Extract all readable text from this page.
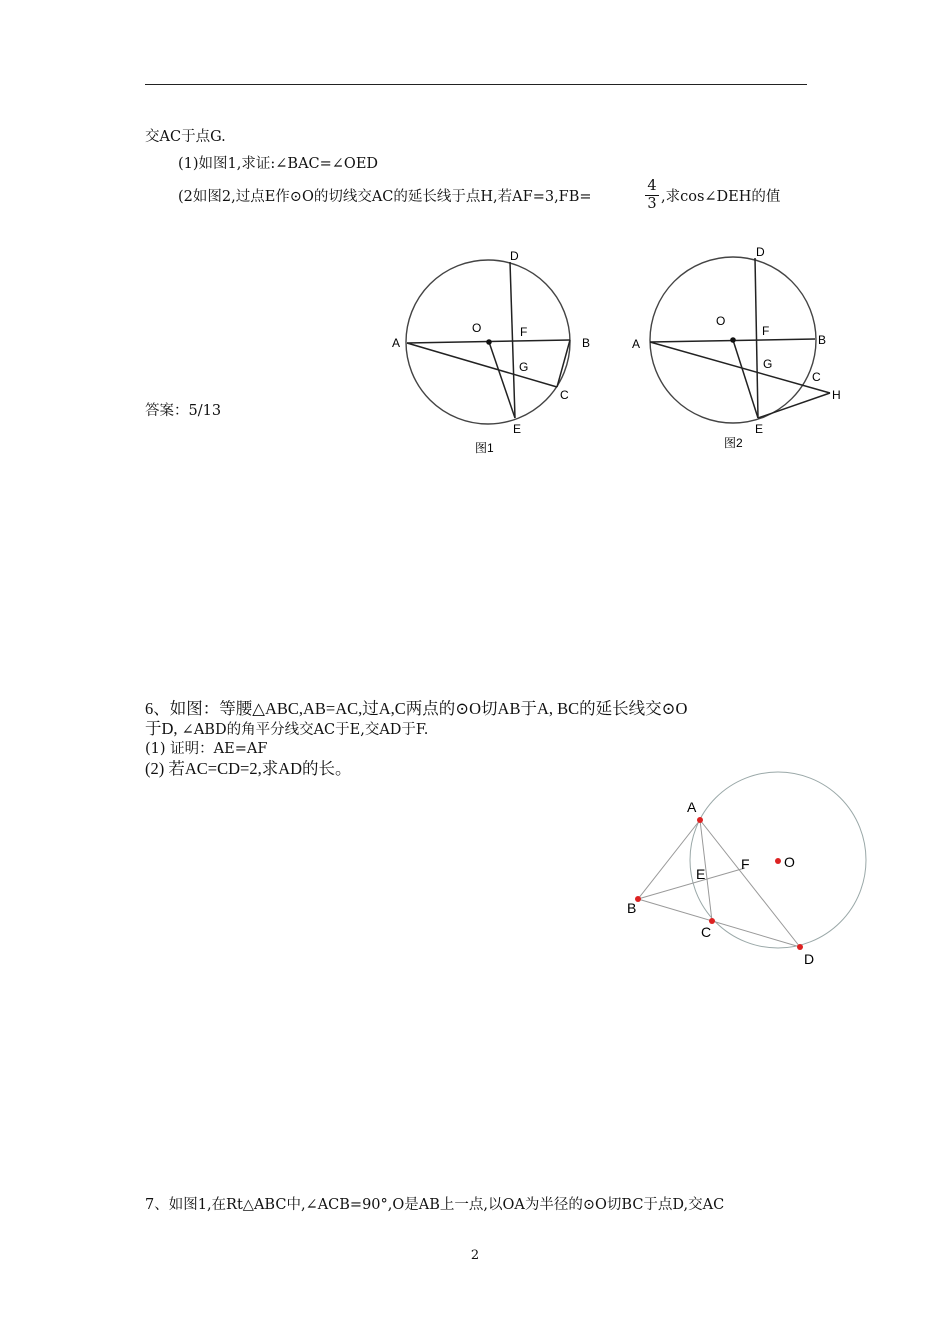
交AC于点G.
(1)如图1,求证:∠BAC=∠OED
(2如图2,过点E作⊙O的切线交AC的延长线于点H,若AF=3,FB=	$\frac{4}{3}$ ,求cos∠DEH的值
答案：5/13
A	B
C
D
E
F
G
O
图1
A	B
C
D
E
F
G
O
H
图2
6、如图：等腰△ABC,AB=AC,过A,C两点的⊙O切AB于A, BC的延长线交⊙O
于D, ∠ABD的角平分线交AC于E,交AD于F.
(1) 证明：AE=AF
(2) 若AC=CD=2,求AD的长。
A
B
C
D
E
F O
7、如图1,在Rt△ABC中,∠ACB=90°,O是AB上一点,以OA为半径的⊙O切BC于点D,交AC
2
